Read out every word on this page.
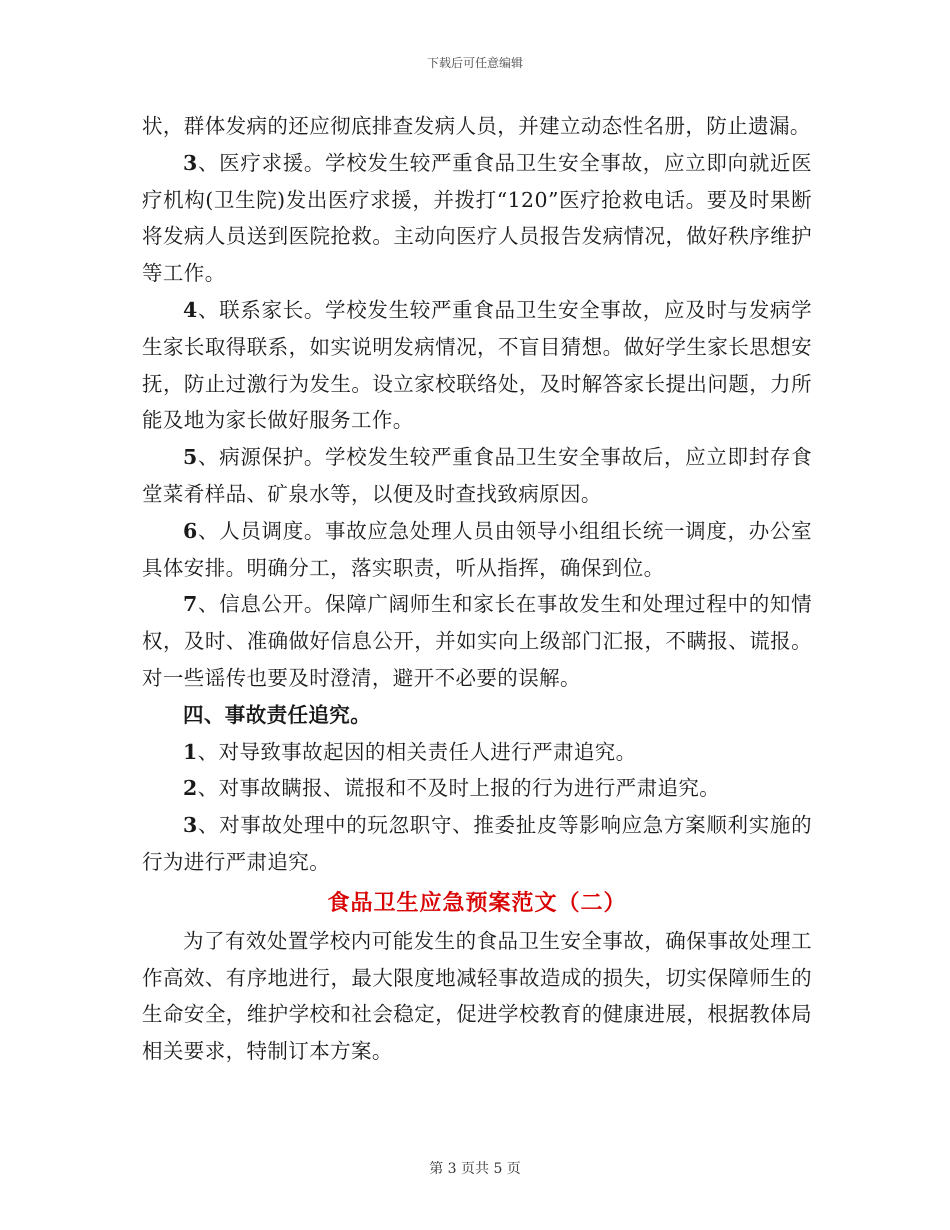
下载后可任意编辑

状，群体发病的还应彻底排查发病人员，并建立动态性名册，防止遗漏。

3、医疗求援。学校发生较严重食品卫生安全事故，应立即向就近医疗机构(卫生院)发出医疗求援，并拨打“120”医疗抢救电话。要及时果断将发病人员送到医院抢救。主动向医疗人员报告发病情况，做好秩序维护等工作。

4、联系家长。学校发生较严重食品卫生安全事故，应及时与发病学生家长取得联系，如实说明发病情况，不盲目猜想。做好学生家长思想安抚，防止过激行为发生。设立家校联络处，及时解答家长提出问题，力所能及地为家长做好服务工作。

5、病源保护。学校发生较严重食品卫生安全事故后，应立即封存食堂菜肴样品、矿泉水等，以便及时查找致病原因。

6、人员调度。事故应急处理人员由领导小组组长统一调度，办公室具体安排。明确分工，落实职责，听从指挥，确保到位。

7、信息公开。保障广阔师生和家长在事故发生和处理过程中的知情权，及时、准确做好信息公开，并如实向上级部门汇报，不瞒报、谎报。对一些谣传也要及时澄清，避开不必要的误解。

四、事故责任追究。

1、对导致事故起因的相关责任人进行严肃追究。

2、对事故瞒报、谎报和不及时上报的行为进行严肃追究。

3、对事故处理中的玩忽职守、推委扯皮等影响应急方案顺利实施的行为进行严肃追究。

食品卫生应急预案范文（二）

为了有效处置学校内可能发生的食品卫生安全事故，确保事故处理工作高效、有序地进行，最大限度地减轻事故造成的损失，切实保障师生的生命安全，维护学校和社会稳定，促进学校教育的健康进展，根据教体局相关要求，特制订本方案。

第 3 页共 5 页
